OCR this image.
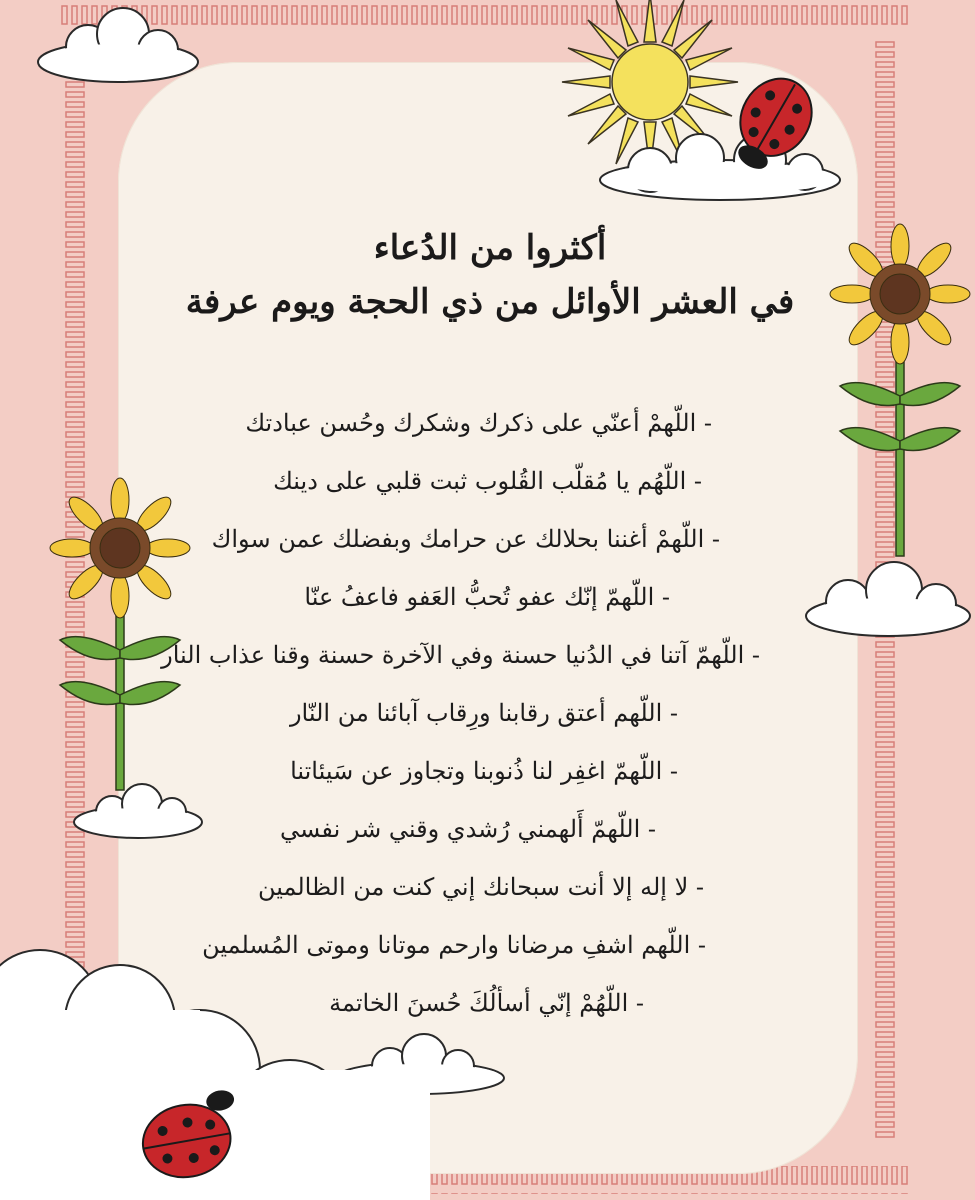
أكثروا من الدُعاء
في العشر الأوائل من ذي الحجة ويوم عرفة
- اللّهمْ أعنّي على ذكرك وشكرك وحُسن عبادتك
- اللّهُم يا مُقلّب القُلوب ثبت قلبي على دينك
- اللّهمْ أغننا بحلالك عن حرامك وبفضلك عمن سواك
- اللّهمّ إنّك عفو تُحبُّ العَفو فاعفُ عنّا
- اللّهمّ آتنا في الدُنيا حسنة وفي الآخرة حسنة وقنا عذاب النار
- اللّهم أعتق رقابنا ورِقاب آبائنا من النّار
- اللّهمّ اغفِر لنا ذُنوبنا وتجاوز عن سَيئاتنا
- اللّهمّ أَلهمني رُشدي وقني شر نفسي
- لا إله إلا أنت سبحانك إني كنت من الظالمين
- اللّهم اشفِ مرضانا وارحم موتانا وموتى المُسلمين
- اللّهُمْ إنّي أسألُكَ حُسنَ الخاتمة
